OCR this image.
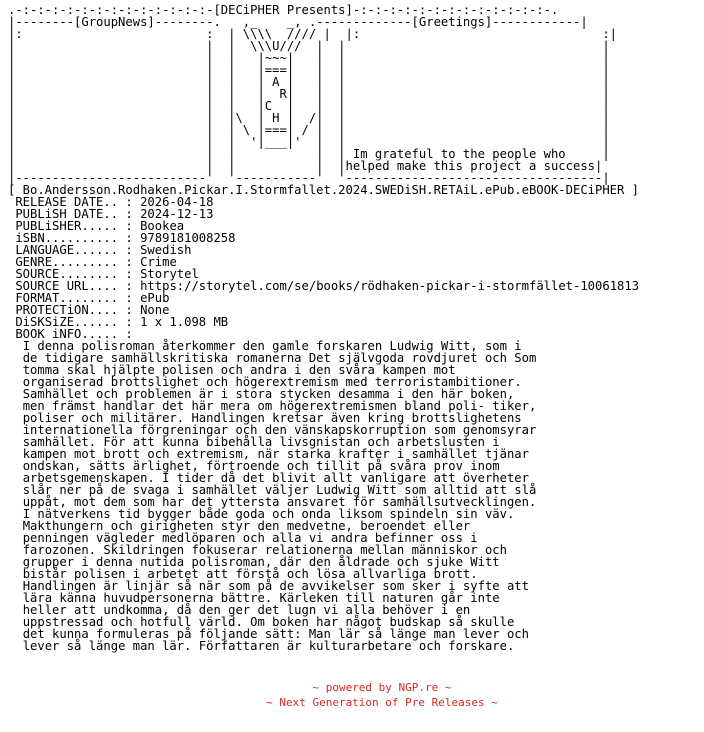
.-:-:-:-:-:-:-:-:-:-:-:-:-:-[DECiPHER Presents]-:-:-:-:-:-:-:-:-:-:-:-:-:-.
|--------[GroupNews]--------.   ,_    _, .-------------[Greetings]------------|
|:                         :  | \\\\  //// |  |:                                 :|
|                          |  |  \\\U///  |  |                                   |
|                          |  |   |~~~|   |  |                                   |
|                          |  |   |===|   |  |                                   |
|                          |  |   | A |   |  |                                   |
|                          |  |   |  R|   |  |                                   |
|                          |  |   |C  |   |  |                                   |
|                          |  |\  | H |  /|  |                                   |
|                          |  | \ |===| / |  |                                   |
|                          |  |  '|___|'  |  |                                   |
|                          |  |           |  | Im grateful to the people who     |
|                          |  |           |  |helped make this project a success|
|--------------------------'  '-----------'  '-----------------------------------|
[ Bo.Andersson.Rodhaken.Pickar.I.Stormfallet.2024.SWEDiSH.RETAiL.ePub.eBOOK-DECiPHER ]
RELEASE DATE.. : 2026-04-18
PUBLiSH DATE.. : 2024-12-13
PUBLiSHER..... : Bookea
iSBN.......... : 9789181008258
LANGUAGE...... : Swedish
GENRE......... : Crime
SOURCE........ : Storytel
SOURCE URL.... : https://storytel.com/se/books/rödhaken-pickar-i-stormfället-10061813
FORMAT........ : ePub
PROTECTiON.... : None
DiSKSiZE...... : 1 x 1.098 MB
BOOK iNFO..... :
I denna polisroman återkommer den gamle forskaren Ludwig Witt, som i
de tidigare samhällskritiska romanerna Det självgoda rovdjuret och Som
tomma skal hjälpte polisen och andra i den svåra kampen mot
organiserad brottslighet och högerextremism med terroristambitioner.
Samhället och problemen är i stora stycken desamma i den här boken,
men främst handlar det här mera om högerextremismen bland poli- tiker,
poliser och militärer. Handlingen kretsar även kring brottslighetens
internationella förgreningar och den vänskapskorruption som genomsyrar
samhället. För att kunna bibehålla livsgnistan och arbetslusten i
kampen mot brott och extremism, när starka krafter i samhället tjänar
ondskan, sätts ärlighet, förtroende och tillit på svåra prov inom
arbetsgemenskapen. I tider då det blivit allt vanligare att överheter
slår ner på de svaga i samhället väljer Ludwig Witt som alltid att slå
uppåt, mot dem som har det yttersta ansvaret för samhällsutvecklingen.
I nätverkens tid bygger både goda och onda liksom spindeln sin väv.
Makthungern och girigheten styr den medvetne, beroendet eller
penningen vägleder medlöparen och alla vi andra befinner oss i
farozonen. Skildringen fokuserar relationerna mellan människor och
grupper i denna nutida polisroman, där den åldrade och sjuke Witt
bistår polisen i arbetet att förstå och lösa allvarliga brott.
Handlingen är linjär så när som på de avvikelser som sker i syfte att
lära känna huvudpersonerna bättre. Kärleken till naturen går inte
heller att undkomma, då den ger det lugn vi alla behöver i en
uppstressad och hotfull värld. Om boken har något budskap så skulle
det kunna formuleras på följande sätt: Man lär så länge man lever och
lever så länge man lär. Författaren är kulturarbetare och forskare.
~ powered by NGP.re ~
~ Next Generation of Pre Releases ~
